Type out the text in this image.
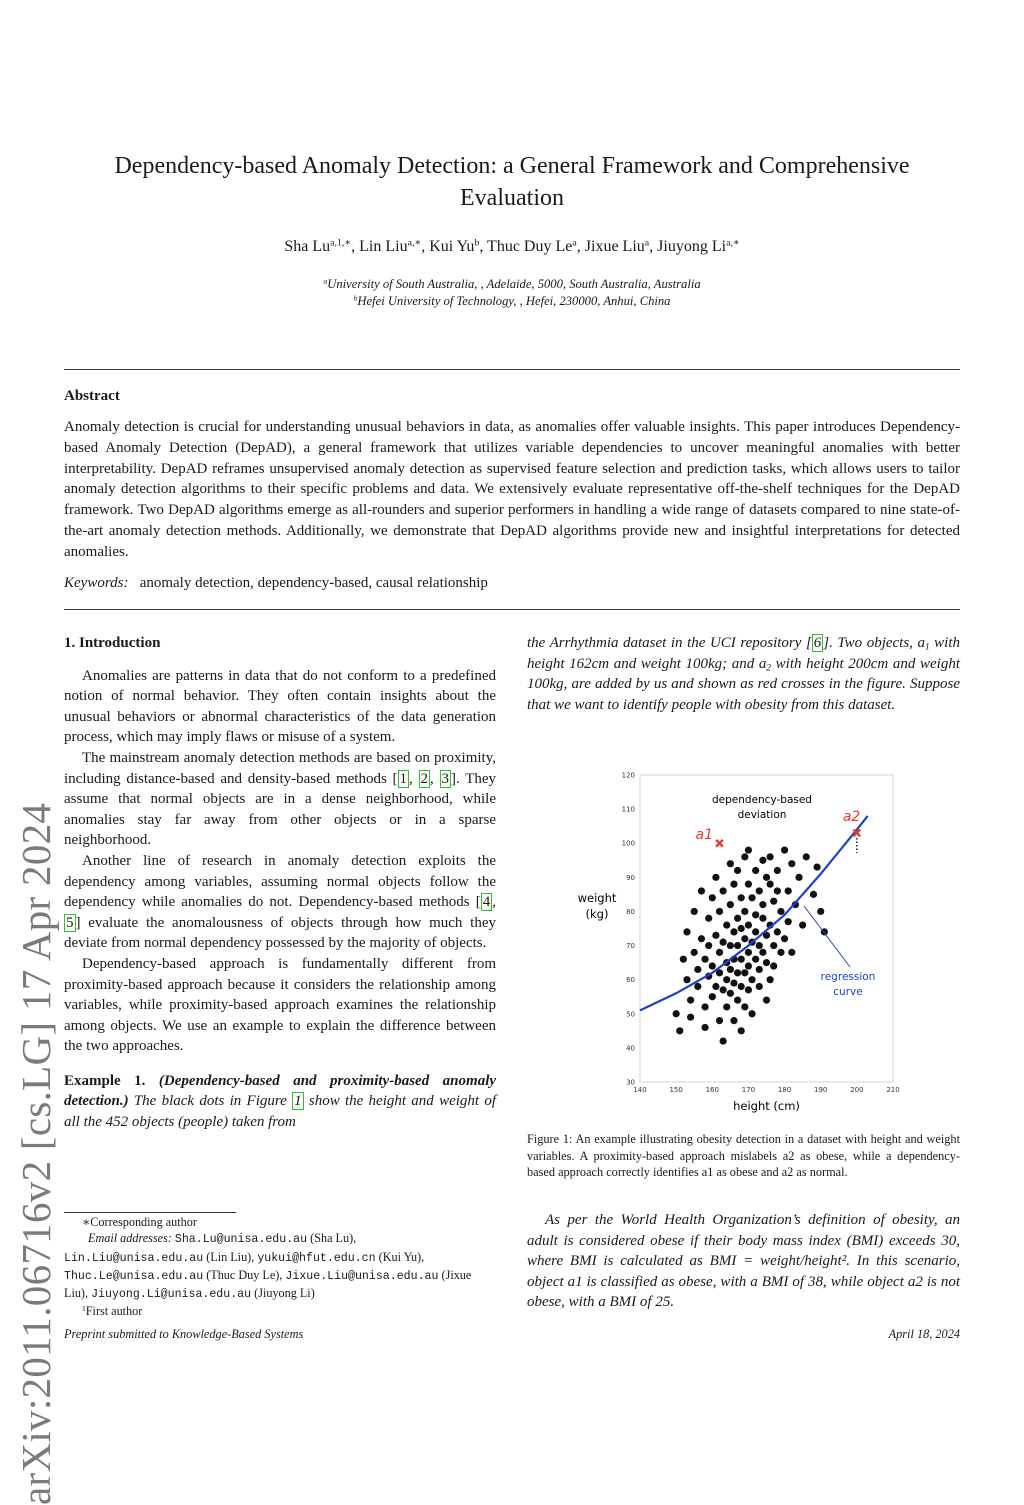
arXiv:2011.06716v2 [cs.LG] 17 Apr 2024
Dependency-based Anomaly Detection: a General Framework and Comprehensive
Evaluation
Sha $Lu^{a,1,∗}$, Lin Liu$^{a,∗}$, Kui Yu$^b$, Thuc Duy Le$^a$, Jixue Liu$^a$, Jiuyong $Li^{a,∗}$
$^a$University of South Australia, , Adelaide, 5000, South Australia, Australia
$^b$Hefei University of Technology, , Hefei, 230000, Anhui, China
Abstract
Anomaly detection is crucial for understanding unusual behaviors in data, as anomalies offer valuable insights. This paper introduces Dependency-based Anomaly Detection (DepAD), a general framework that utilizes variable dependencies to uncover meaningful anomalies with better interpretability. DepAD reframes unsupervised anomaly detection as supervised feature selection and prediction tasks, which allows users to tailor anomaly detection algorithms to their specific problems and data. We extensively evaluate representative off-the-shelf techniques for the DepAD framework. Two DepAD algorithms emerge as all-rounders and superior performers in handling a wide range of datasets compared to nine state-of-the-art anomaly detection methods. Additionally, we demonstrate that DepAD algorithms provide new and insightful interpretations for detected anomalies.
Keywords: anomaly detection, dependency-based, causal relationship

1. Introduction

Anomalies are patterns in data that do not conform to a predefined notion of normal behavior. They often contain insights about the unusual behaviors or abnormal characteristics of the data generation process, which may imply flaws or misuse of a system.

The mainstream anomaly detection methods are based on proximity, including distance-based and density-based methods [ 1 , 2 , 3 ]. They assume that normal objects are in a dense neighborhood, while anomalies stay far away from other objects or in a sparse neighborhood.

Another line of research in anomaly detection exploits the dependency among variables, assuming normal objects follow the dependency while anomalies do not. Dependency-based methods [ 4 , 5 ] evaluate the anomalousness of objects through how much they deviate from normal dependency possessed by the majority of objects.

Dependency-based approach is fundamentally different from proximity-based approach because it considers the relationship among variables, while proximity-based approach examines the relationship among objects. We use an example to explain the difference between the two approaches.

Example 1. (Dependency-based and proximity-based anomaly detection.) The black dots in Figure 1 show the height and weight of all the 452 objects (people) taken from

∗Corresponding author
Email addresses: Sha.Lu@unisa.edu.au (Sha Lu), Lin.Liu@unisa.edu.au (Lin Liu), yukui@hfut.edu.cn (Kui Yu), Thuc.Le@unisa.edu.au (Thuc Duy Le), Jixue.Liu@unisa.edu.au (Jixue Liu), Jiuyong.Li@unisa.edu.au (Jiuyong Li)
$^1$First author

the Arrhythmia dataset in the UCI repository [ 6 ]. Two objects, $a_1$ with height 162cm and weight 100kg; and $a_2$ with height 200cm and weight 100kg, are added by us and shown as red crosses in the figure. Suppose that we want to identify people with obesity from this dataset.

140	150	160	170	180	190	200	210
30
40
50
60
70
80
90
100
110
120
height (cm)
weight
(kg)
a1
a2
dependency-based
deviation
regression
curve
Figure 1: An example illustrating obesity detection in a dataset with height and weight variables. A proximity-based approach mislabels a2 as obese, while a dependency-based approach correctly identifies a1 as obese and a2 as normal.

As per the World Health Organization’s definition of obesity, an adult is considered obese if their body mass index (BMI) exceeds 30, where BMI is calculated as BMI = weight/height². In this scenario, object a1 is classified as obese, with a BMI of 38, while object a2 is not obese, with a BMI of 25.

Preprint submitted to Knowledge-Based Systems	April 18, 2024
